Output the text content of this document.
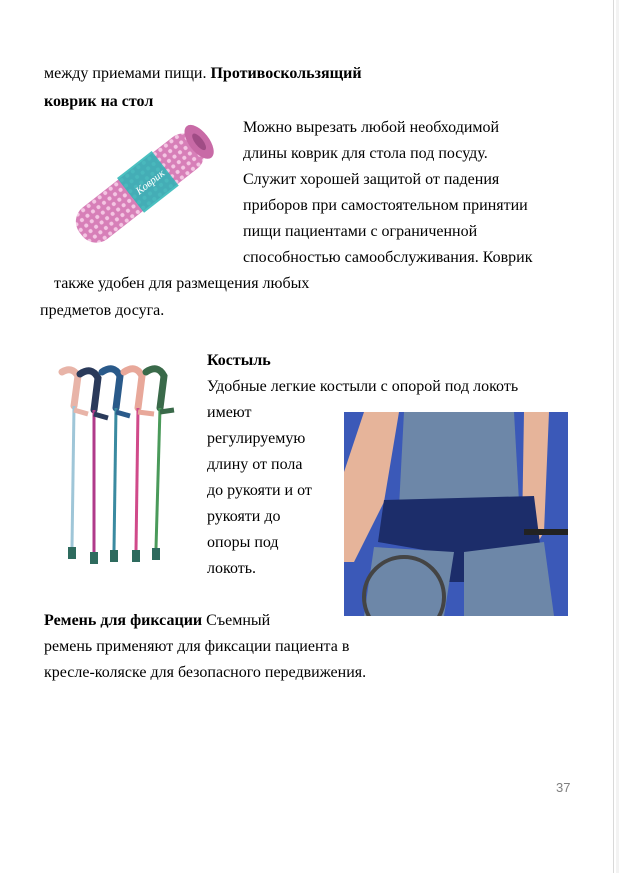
между приемами пищи. Противоскользящий
коврик на стол
Коврик
Можно вырезать любой необходимой
длины коврик для стола под посуду.
Служит хорошей защитой от падения
приборов при самостоятельном принятии
пищи пациентами с ограниченной
способностью самообслуживания. Коврик
также удобен для размещения любых
предметов досуга.
Костыль
Удобные легкие костыли с опорой под локоть
имеют
регулируемую
длину от пола
до рукояти и от
рукояти до
опоры под
локоть.
Ремень для фиксации Съемный
ремень применяют для фиксации пациента в
кресле-коляске для безопасного передвижения.
37
